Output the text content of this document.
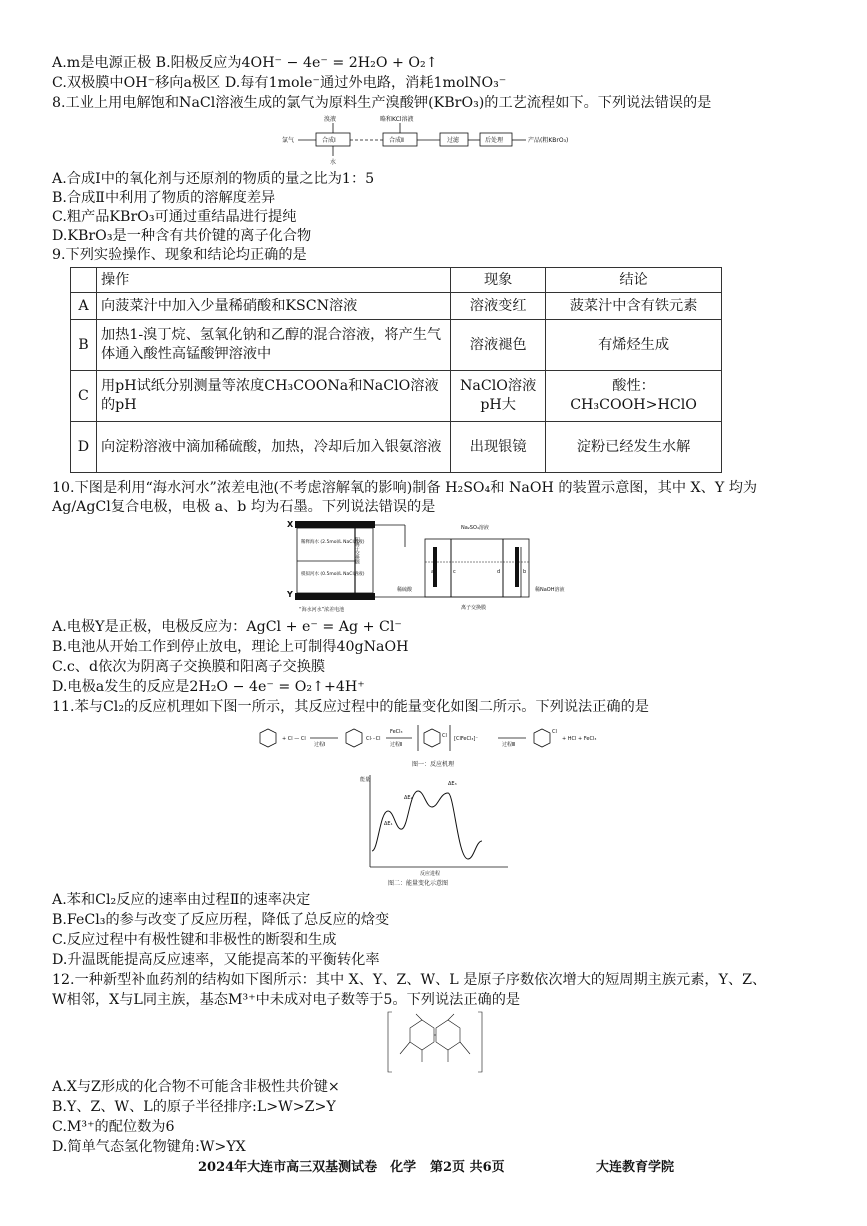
A.m是电源正极 B.阳极反应为4OH⁻ − 4e⁻ = 2H₂O + O₂↑
C.双极膜中OH⁻移向a极区 D.每有1mole⁻通过外电路，消耗1molNO₃⁻
8.工业上用电解饱和NaCl溶液生成的氯气为原料生产溴酸钾(KBrO₃)的工艺流程如下。下列说法错误的是
氯气	合成Ⅰ
溴液
水
合成Ⅱ
略和KCl溶液
过滤	后处理	产品(粗KBrO₃)
A.合成Ⅰ中的氧化剂与还原剂的物质的量之比为1：5
B.合成Ⅱ中利用了物质的溶解度差异
C.粗产品KBrO₃可通过重结晶进行提纯
D.KBrO₃是一种含有共价键的离子化合物
9.下列实验操作、现象和结论均正确的是
	操作	现象	结论
A	向菠菜汁中加入少量稀硝酸和KSCN溶液	溶液变红	菠菜汁中含有铁元素
B	加热1-溴丁烷、氢氧化钠和乙醇的混合溶液，将产生气体通入酸性高锰酸钾溶液中	溶液褪色	有烯烃生成
C	用pH试纸分别测量等浓度CH₃COONa和NaClO溶液的pH	NaClO溶液pH大	酸性：CH₃COOH>HClO
D	向淀粉溶液中滴加稀硫酸，加热，冷却后加入银氨溶液	出现银镜	淀粉已经发生水解
10.下图是利用“海水河水”浓差电池(不考虑溶解氧的影响)制备 H₂SO₄和 NaOH 的装置示意图，其中 X、Y 均为
Ag/AgCl复合电极，电极 a、b 均为石墨。下列说法错误的是
X
Y
稀释海水 (2.5mol/L NaCl溶液)
模拟河水 (0.5mol/L NaCl溶液)
阳离子交换膜
“海水河水”浓差电池
Na₂SO₄溶液
a	c	d	b
稀硫酸	稀NaOH溶液
离子交换膜
A.电极Y是正极，电极反应为：AgCl + e⁻ = Ag + Cl⁻
B.电池从开始工作到停止放电，理论上可制得40gNaOH
C.c、d依次为阴离子交换膜和阳离子交换膜
D.电极a发生的反应是2H₂O − 4e⁻ = O₂↑+4H⁺
11.苯与Cl₂的反应机理如下图一所示，其反应过程中的能量变化如图二所示。下列说法正确的是
+ Cl — Cl
过程Ⅰ
Cl···Cl
FeCl₃
过程Ⅱ
Cl [ClFeCl₃]⁻
过程Ⅲ
Cl
+ HCl + FeCl₃
图一：反应机理
能量
反应进程
ΔE₁
ΔE₂
ΔE₃
图二：能量变化示意图
A.苯和Cl₂反应的速率由过程Ⅱ的速率决定
B.FeCl₃的参与改变了反应历程，降低了总反应的焓变
C.反应过程中有极性键和非极性的断裂和生成
D.升温既能提高反应速率，又能提高苯的平衡转化率
12.一种新型补血药剂的结构如下图所示：其中 X、Y、Z、W、L 是原子序数依次增大的短周期主族元素，Y、Z、
W相邻，X与L同主族，基态M³⁺中未成对电子数等于5。下列说法正确的是
A.X与Z形成的化合物不可能含非极性共价键×
B.Y、Z、W、L的原子半径排序:L>W>Z>Y
C.M³⁺的配位数为6
D.简单气态氢化物键角:W>YX
2024年大连市高三双基测试卷　化学 第2页 共6页	大连教育学院
